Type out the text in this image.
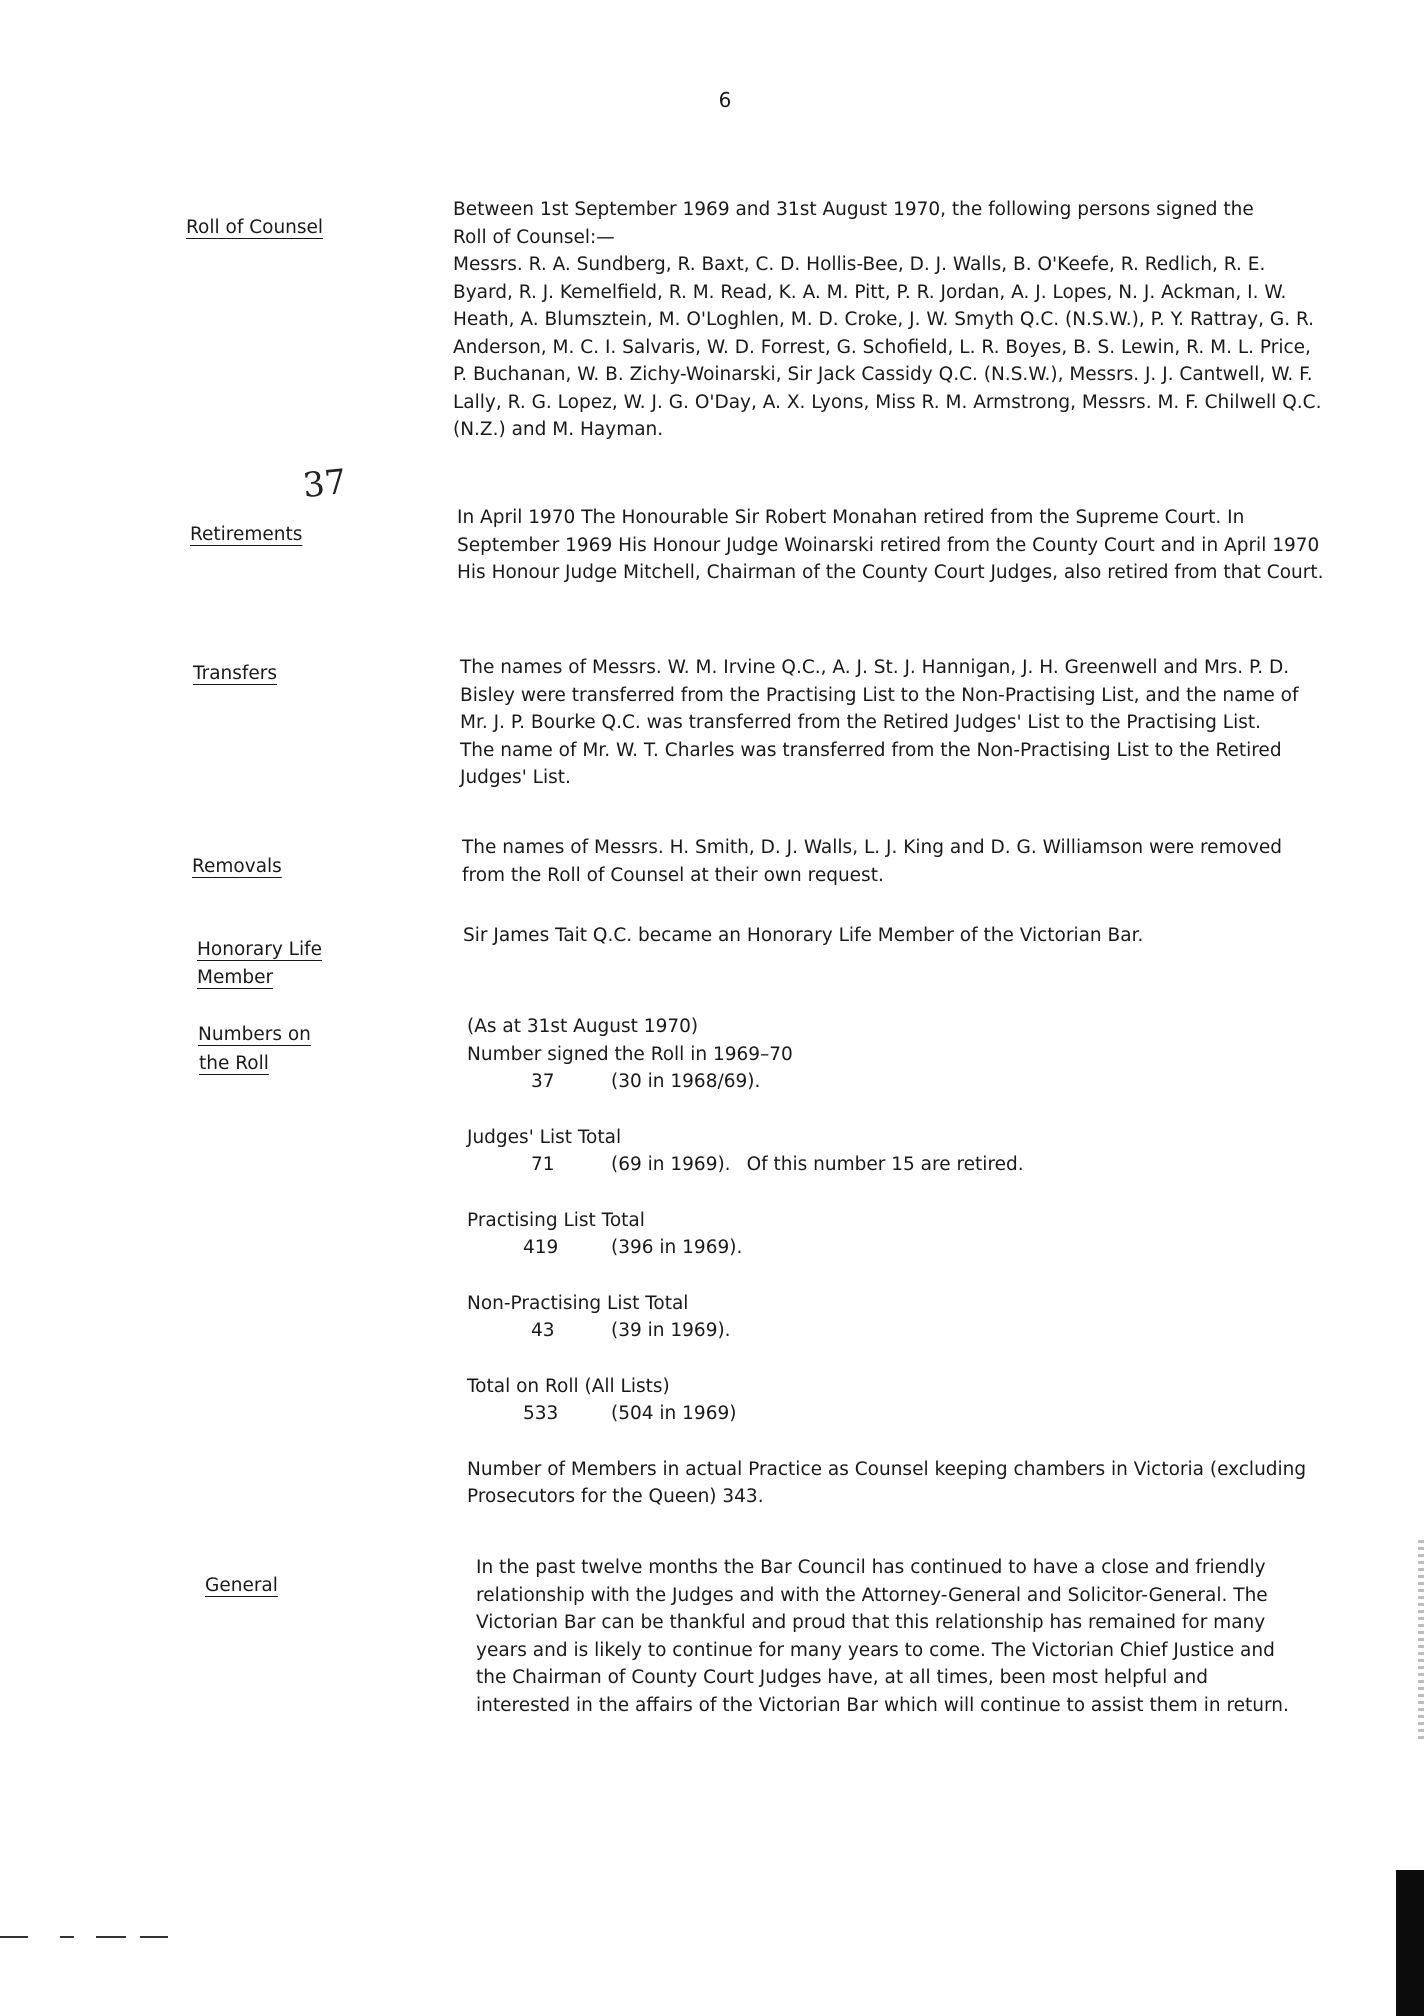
6
37
Roll of Counsel

Between 1st September 1969 and 31st August 1970, the following persons signed the Roll of Counsel:—

Messrs. R. A. Sundberg, R. Baxt, C. D. Hollis-Bee, D. J. Walls, B. O'Keefe, R. Redlich, R. E. Byard, R. J. Kemelfield, R. M. Read, K. A. M. Pitt, P. R. Jordan, A. J. Lopes, N. J. Ackman, I. W. Heath, A. Blumsztein, M. O'Loghlen, M. D. Croke, J. W. Smyth Q.C. (N.S.W.), P. Y. Rattray, G. R. Anderson, M. C. I. Salvaris, W. D. Forrest, G. Schofield, L. R. Boyes, B. S. Lewin, R. M. L. Price, P. Buchanan, W. B. Zichy-Woinarski, Sir Jack Cassidy Q.C. (N.S.W.), Messrs. J. J. Cantwell, W. F. Lally, R. G. Lopez, W. J. G. O'Day, A. X. Lyons, Miss R. M. Armstrong, Messrs. M. F. Chilwell Q.C. (N.Z.) and M. Hayman.

Retirements

In April 1970 The Honourable Sir Robert Monahan retired from the Supreme Court. In September 1969 His Honour Judge Woinarski retired from the County Court and in April 1970 His Honour Judge Mitchell, Chairman of the County Court Judges, also retired from that Court.

Transfers	The names of Messrs. W. M. Irvine Q.C., A. J. St. J. Hannigan, J. H. Greenwell and Mrs. P. D. Bisley were transferred from the Practising List to the Non-Practising List, and the name of Mr. J. P. Bourke Q.C. was transferred from the Retired Judges' List to the Practising List.

The name of Mr. W. T. Charles was transferred from the Non-Practising List to the Retired Judges' List.

Removals

The names of Messrs. H. Smith, D. J. Walls, L. J. King and D. G. Williamson were removed from the Roll of Counsel at their own request.

Honorary Life
Member

Sir James Tait Q.C. became an Honorary Life Member of the Victorian Bar.

Numbers on
the Roll
(As at 31st August 1970)
Number signed the Roll in 1969–70
37	(30 in 1968/69).
Judges' List Total
71	(69 in 1969). Of this number 15 are retired.
Practising List Total
419	(396 in 1969).
Non-Practising List Total
43	(39 in 1969).
Total on Roll (All Lists)
533	(504 in 1969)

Number of Members in actual Practice as Counsel keeping chambers in Victoria (excluding Prosecutors for the Queen) 343.

General

In the past twelve months the Bar Council has continued to have a close and friendly relationship with the Judges and with the Attorney-General and Solicitor-General. The Victorian Bar can be thankful and proud that this relationship has remained for many years and is likely to continue for many years to come. The Victorian Chief Justice and the Chairman of County Court Judges have, at all times, been most helpful and interested in the affairs of the Victorian Bar which will continue to assist them in return.
